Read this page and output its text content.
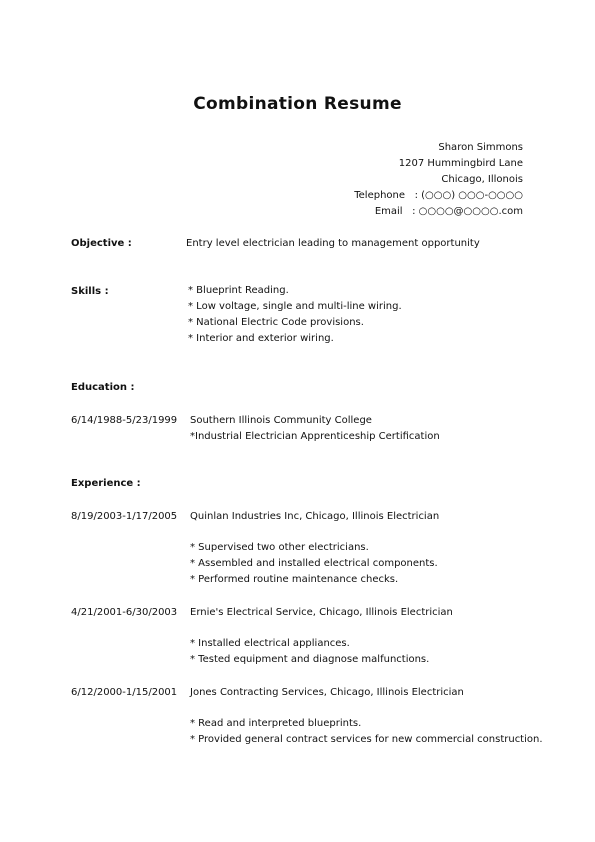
Combination Resume
Sharon Simmons
1207 Hummingbird Lane
Chicago, Illonois
Telephone : (○○○) ○○○-○○○○
Email : ○○○○@○○○○.com
Objective :	Entry level electrician leading to management opportunity
Skills :	* Blueprint Reading.
* Low voltage, single and multi-line wiring.
* National Electric Code provisions.
* Interior and exterior wiring.
Education :
6/14/1988-5/23/1999 Southern Illinois Community College
*Industrial Electrician Apprenticeship Certification
Experience :
8/19/2003-1/17/2005 Quinlan Industries Inc, Chicago, Illinois Electrician
* Supervised two other electricians.
* Assembled and installed electrical components.
* Performed routine maintenance checks.
4/21/2001-6/30/2003 Ernie's Electrical Service, Chicago, Illinois Electrician
* Installed electrical appliances.
* Tested equipment and diagnose malfunctions.
6/12/2000-1/15/2001 Jones Contracting Services, Chicago, Illinois Electrician
* Read and interpreted blueprints.
* Provided general contract services for new commercial construction.
